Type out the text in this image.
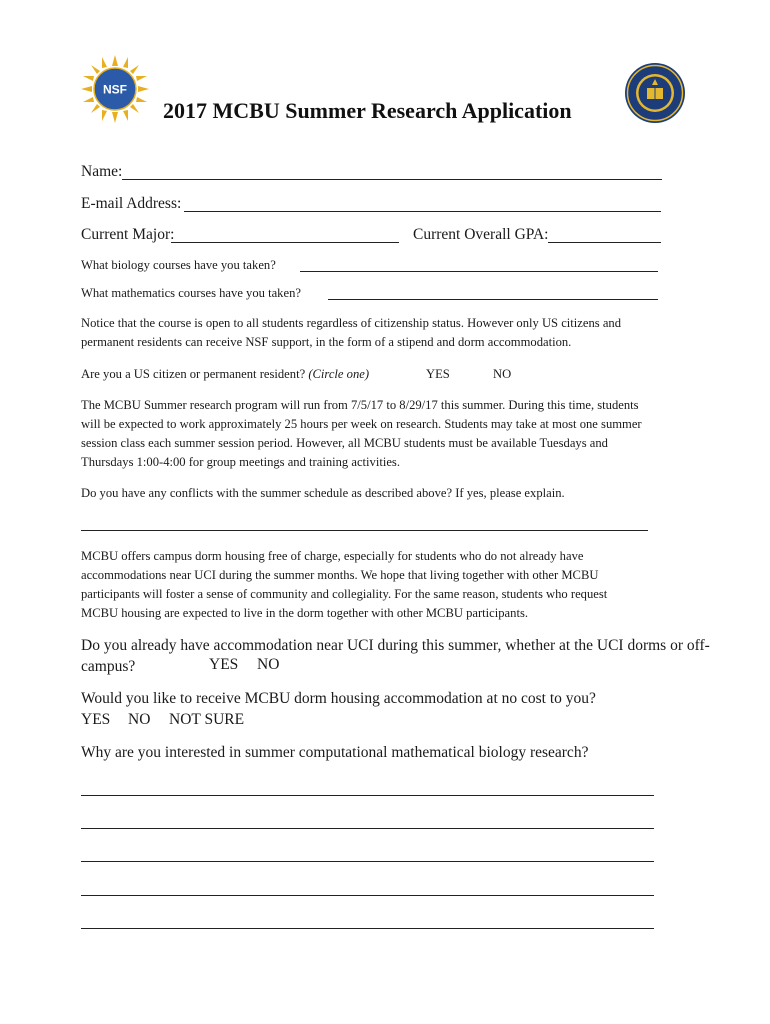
NSF
2017 MCBU Summer Research Application
Name:
E-mail Address:
Current Major:	Current Overall GPA:
What biology courses have you taken?
What mathematics courses have you taken?
Notice that the course is open to all students regardless of citizenship status. However only US citizens and
permanent residents can receive NSF support, in the form of a stipend and dorm accommodation.
Are you a US citizen or permanent resident? (Circle one)	YES	NO
The MCBU Summer research program will run from 7/5/17 to 8/29/17 this summer. During this time, students
will be expected to work approximately 25 hours per week on research. Students may take at most one summer
session class each summer session period. However, all MCBU students must be available Tuesdays and
Thursdays 1:00-4:00 for group meetings and training activities.
Do you have any conflicts with the summer schedule as described above? If yes, please explain.
MCBU offers campus dorm housing free of charge, especially for students who do not already have
accommodations near UCI during the summer months. We hope that living together with other MCBU
participants will foster a sense of community and collegiality. For the same reason, students who request
MCBU housing are expected to live in the dorm together with other MCBU participants.
Do you already have accommodation near UCI during this summer, whether at the UCI dorms or off-
campus?	YES NO
Would you like to receive MCBU dorm housing accommodation at no cost to you?
YES NO NOT SURE
Why are you interested in summer computational mathematical biology research?
